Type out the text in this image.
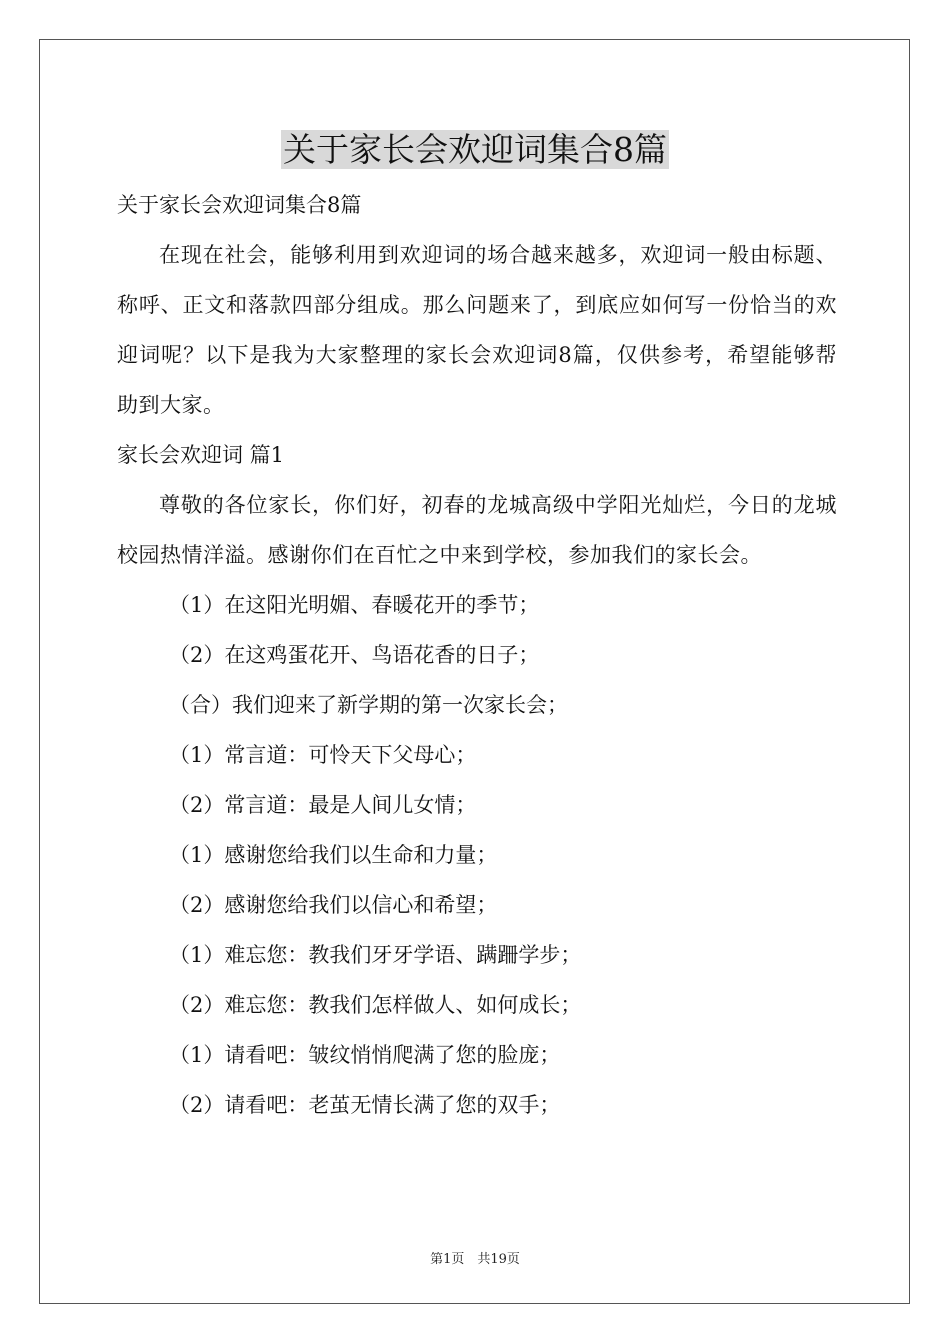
关于家长会欢迎词集合8篇
关于家长会欢迎词集合8篇
在现在社会，能够利用到欢迎词的场合越来越多，欢迎词一般由标题、称呼、正文和落款四部分组成。那么问题来了，到底应如何写一份恰当的欢迎词呢？以下是我为大家整理的家长会欢迎词8篇，仅供参考，希望能够帮助到大家。
家长会欢迎词 篇1
尊敬的各位家长，你们好，初春的龙城高级中学阳光灿烂，今日的龙城校园热情洋溢。感谢你们在百忙之中来到学校，参加我们的家长会。
（1）在这阳光明媚、春暖花开的季节；
（2）在这鸡蛋花开、鸟语花香的日子；
（合）我们迎来了新学期的第一次家长会；
（1）常言道：可怜天下父母心；
（2）常言道：最是人间儿女情；
（1）感谢您给我们以生命和力量；
（2）感谢您给我们以信心和希望；
（1）难忘您：教我们牙牙学语、蹒跚学步；
（2）难忘您：教我们怎样做人、如何成长；
（1）请看吧：皱纹悄悄爬满了您的脸庞；
（2）请看吧：老茧无情长满了您的双手；
第1页　共19页
